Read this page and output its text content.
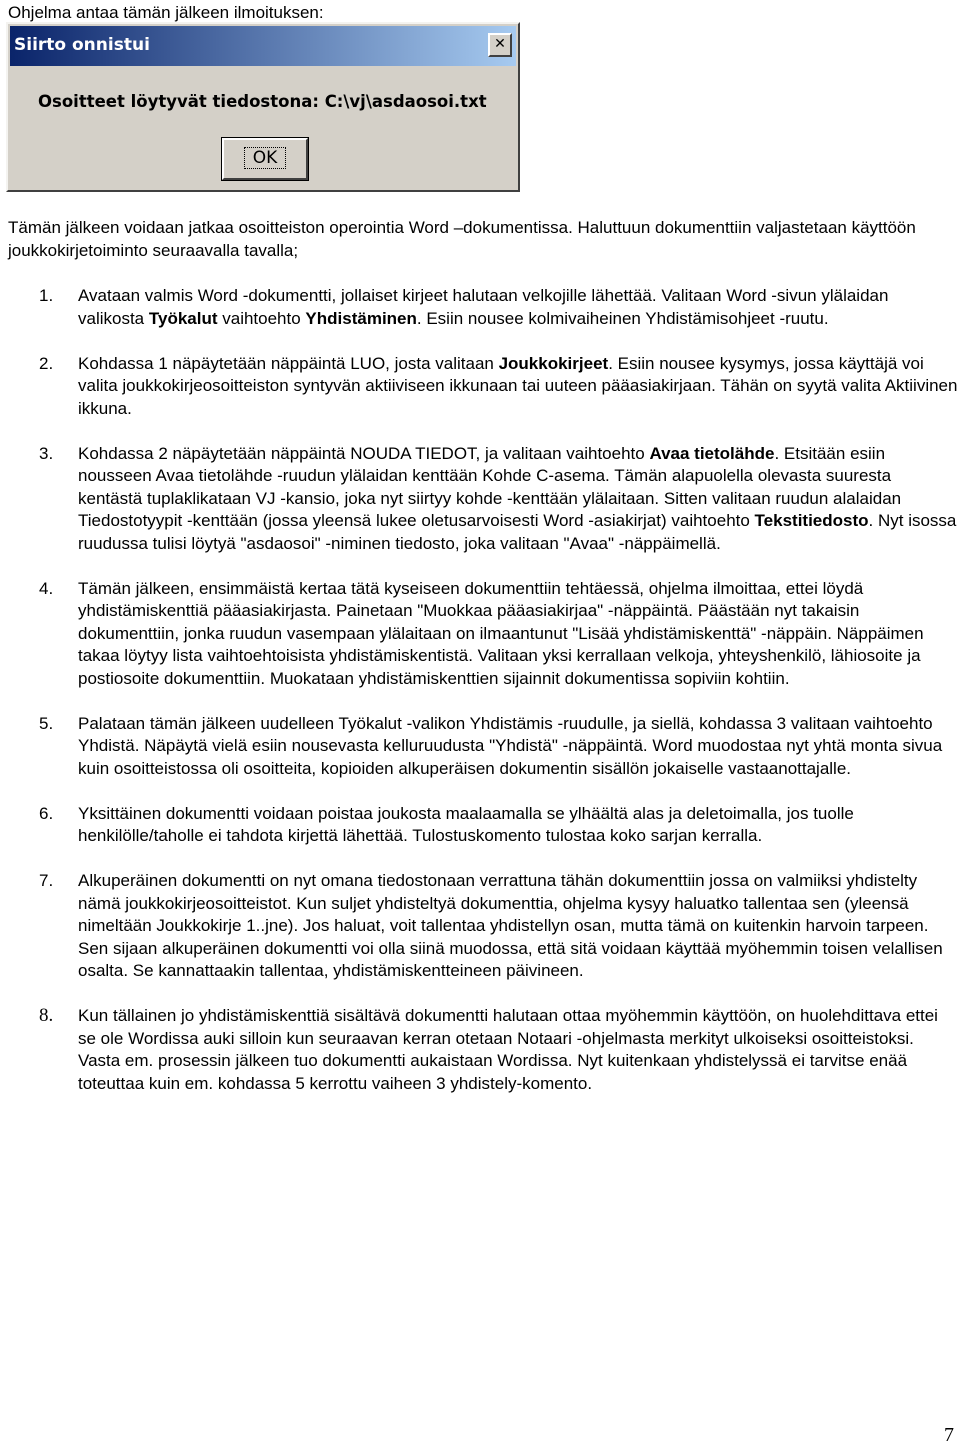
Ohjelma antaa tämän jälkeen ilmoituksen:
Siirto onnistui	✕
Osoitteet löytyvät tiedostona: C:\vj\asdaosoi.txt
OK
Tämän jälkeen voidaan jatkaa osoitteiston operointia Word –dokumentissa. Haluttuun dokumenttiin valjastetaan käyttöön joukkokirjetoiminto seuraavalla tavalla;
1. Avataan valmis Word -dokumentti, jollaiset kirjeet halutaan velkojille lähettää. Valitaan Word -sivun ylälaidan valikosta Työkalut vaihtoehto Yhdistäminen. Esiin nousee kolmivaiheinen Yhdistämisohjeet -ruutu.
2. Kohdassa 1 näpäytetään näppäintä LUO, josta valitaan Joukkokirjeet. Esiin nousee kysymys, jossa käyttäjä voi valita joukkokirjeosoitteiston syntyvän aktiiviseen ikkunaan tai uuteen pääasiakirjaan. Tähän on syytä valita Aktiivinen ikkuna.
3. Kohdassa 2 näpäytetään näppäintä NOUDA TIEDOT, ja valitaan vaihtoehto Avaa tietolähde. Etsitään esiin nousseen Avaa tietolähde -ruudun ylälaidan kenttään Kohde C-asema. Tämän alapuolella olevasta suuresta kentästä tuplaklikataan VJ -kansio, joka nyt siirtyy kohde -kenttään ylälaitaan. Sitten valitaan ruudun alalaidan Tiedostotyypit -kenttään (jossa yleensä lukee oletusarvoisesti Word -asiakirjat) vaihtoehto Tekstitiedosto. Nyt isossa ruudussa tulisi löytyä "asdaosoi" -niminen tiedosto, joka valitaan "Avaa" -näppäimellä.
4. Tämän jälkeen, ensimmäistä kertaa tätä kyseiseen dokumenttiin tehtäessä, ohjelma ilmoittaa, ettei löydä yhdistämiskenttiä pääasiakirjasta. Painetaan "Muokkaa pääasiakirjaa" -näppäintä. Päästään nyt takaisin dokumenttiin, jonka ruudun vasempaan ylälaitaan on ilmaantunut "Lisää yhdistämiskenttä" -näppäin. Näppäimen takaa löytyy lista vaihtoehtoisista yhdistämiskentistä. Valitaan yksi kerrallaan velkoja, yhteyshenkilö, lähiosoite ja postiosoite dokumenttiin. Muokataan yhdistämiskenttien sijainnit dokumentissa sopiviin kohtiin.
5. Palataan tämän jälkeen uudelleen Työkalut -valikon Yhdistämis -ruudulle, ja siellä, kohdassa 3 valitaan vaihtoehto Yhdistä. Näpäytä vielä esiin nousevasta kelluruudusta "Yhdistä" -näppäintä. Word muodostaa nyt yhtä monta sivua kuin osoitteistossa oli osoitteita, kopioiden alkuperäisen dokumentin sisällön jokaiselle vastaanottajalle.
6. Yksittäinen dokumentti voidaan poistaa joukosta maalaamalla se ylhäältä alas ja deletoimalla, jos tuolle henkilölle/taholle ei tahdota kirjettä lähettää. Tulostuskomento tulostaa koko sarjan kerralla.
7. Alkuperäinen dokumentti on nyt omana tiedostonaan verrattuna tähän dokumenttiin jossa on valmiiksi yhdistelty nämä joukkokirjeosoitteistot. Kun suljet yhdisteltyä dokumenttia, ohjelma kysyy haluatko tallentaa sen (yleensä nimeltään Joukkokirje 1..jne). Jos haluat, voit tallentaa yhdistellyn osan, mutta tämä on kuitenkin harvoin tarpeen. Sen sijaan alkuperäinen dokumentti voi olla siinä muodossa, että sitä voidaan käyttää myöhemmin toisen velallisen osalta. Se kannattaakin tallentaa, yhdistämiskentteineen päivineen.
8. Kun tällainen jo yhdistämiskenttiä sisältävä dokumentti halutaan ottaa myöhemmin käyttöön, on huolehdittava ettei se ole Wordissa auki silloin kun seuraavan kerran otetaan Notaari -ohjelmasta merkityt ulkoiseksi osoitteistoksi. Vasta em. prosessin jälkeen tuo dokumentti aukaistaan Wordissa. Nyt kuitenkaan yhdistelyssä ei tarvitse enää toteuttaa kuin em. kohdassa 5 kerrottu vaiheen 3 yhdistely-komento.
7
